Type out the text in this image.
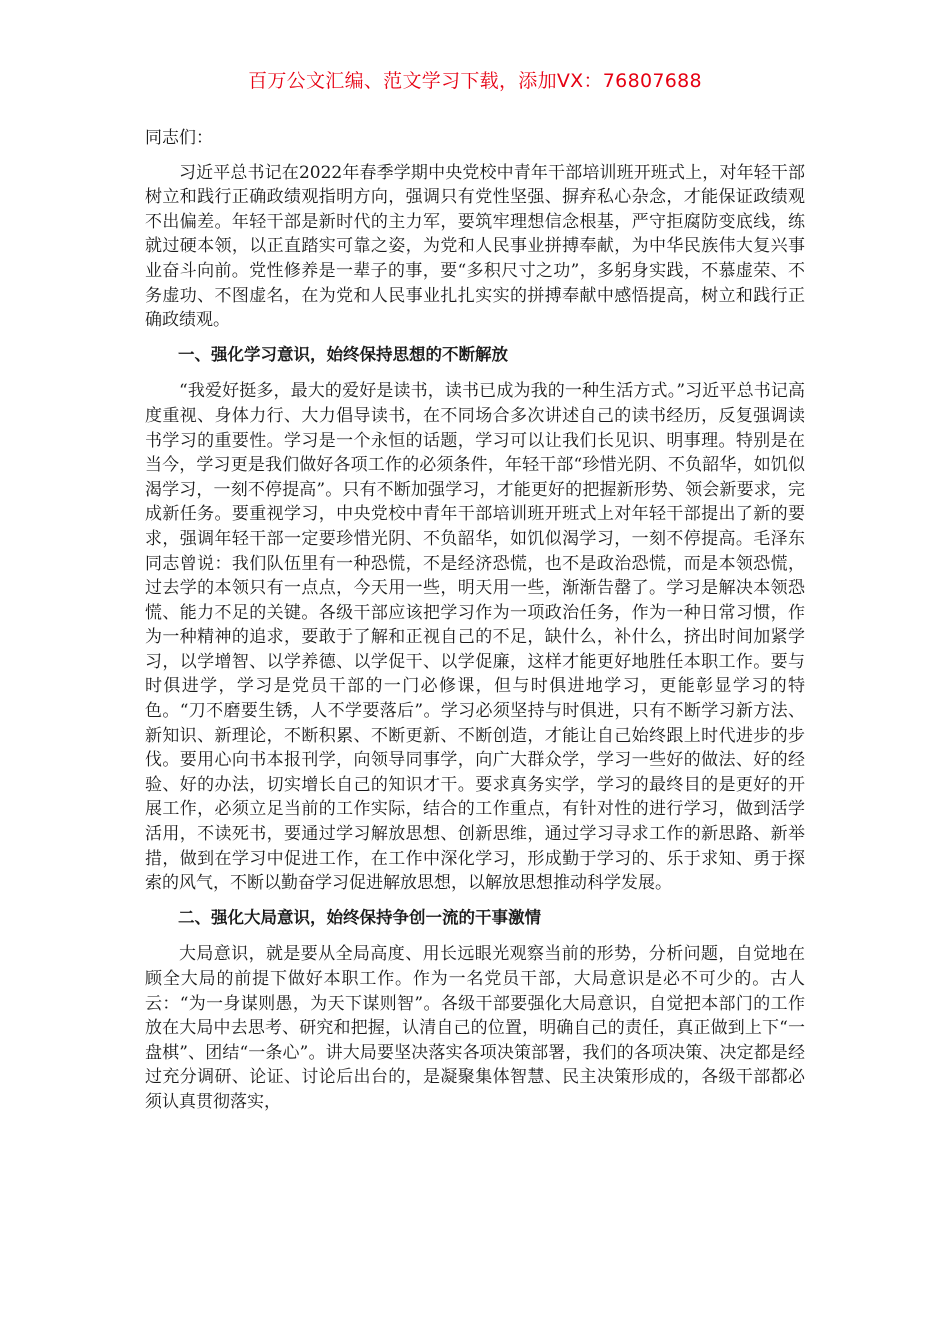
百万公文汇编、范文学习下载，添加VX：76807688

同志们：

习近平总书记在2022年春季学期中央党校中青年干部培训班开班式上，对年轻干部树立和践行正确政绩观指明方向，强调只有党性坚强、摒弃私心杂念，才能保证政绩观不出偏差。年轻干部是新时代的主力军，要筑牢理想信念根基，严守拒腐防变底线，练就过硬本领，以正直踏实可靠之姿，为党和人民事业拼搏奉献，为中华民族伟大复兴事业奋斗向前。党性修养是一辈子的事，要“多积尺寸之功”，多躬身实践，不慕虚荣、不务虚功、不图虚名，在为党和人民事业扎扎实实的拼搏奉献中感悟提高，树立和践行正确政绩观。

一、强化学习意识，始终保持思想的不断解放

“我爱好挺多，最大的爱好是读书，读书已成为我的一种生活方式。”习近平总书记高度重视、身体力行、大力倡导读书，在不同场合多次讲述自己的读书经历，反复强调读书学习的重要性。学习是一个永恒的话题，学习可以让我们长见识、明事理。特别是在当今，学习更是我们做好各项工作的必须条件，年轻干部“珍惜光阴、不负韶华，如饥似渴学习，一刻不停提高”。只有不断加强学习，才能更好的把握新形势、领会新要求，完成新任务。要重视学习，中央党校中青年干部培训班开班式上对年轻干部提出了新的要求，强调年轻干部一定要珍惜光阴、不负韶华，如饥似渴学习，一刻不停提高。毛泽东同志曾说：我们队伍里有一种恐慌，不是经济恐慌，也不是政治恐慌，而是本领恐慌，过去学的本领只有一点点，今天用一些，明天用一些，渐渐告罄了。学习是解决本领恐慌、能力不足的关键。各级干部应该把学习作为一项政治任务，作为一种日常习惯，作为一种精神的追求，要敢于了解和正视自己的不足，缺什么，补什么，挤出时间加紧学习，以学增智、以学养德、以学促干、以学促廉，这样才能更好地胜任本职工作。要与时俱进学，学习是党员干部的一门必修课，但与时俱进地学习，更能彰显学习的特色。“刀不磨要生锈，人不学要落后”。学习必须坚持与时俱进，只有不断学习新方法、新知识、新理论，不断积累、不断更新、不断创造，才能让自己始终跟上时代进步的步伐。要用心向书本报刊学，向领导同事学，向广大群众学，学习一些好的做法、好的经验、好的办法，切实增长自己的知识才干。要求真务实学，学习的最终目的是更好的开展工作，必须立足当前的工作实际，结合的工作重点，有针对性的进行学习，做到活学活用，不读死书，要通过学习解放思想、创新思维，通过学习寻求工作的新思路、新举措，做到在学习中促进工作，在工作中深化学习，形成勤于学习的、乐于求知、勇于探索的风气，不断以勤奋学习促进解放思想，以解放思想推动科学发展。

二、强化大局意识，始终保持争创一流的干事激情

大局意识，就是要从全局高度、用长远眼光观察当前的形势，分析问题，自觉地在顾全大局的前提下做好本职工作。作为一名党员干部，大局意识是必不可少的。古人云：“为一身谋则愚，为天下谋则智”。各级干部要强化大局意识，自觉把本部门的工作放在大局中去思考、研究和把握，认清自己的位置，明确自己的责任，真正做到上下“一盘棋”、团结“一条心”。讲大局要坚决落实各项决策部署，我们的各项决策、决定都是经过充分调研、论证、讨论后出台的，是凝聚集体智慧、民主决策形成的，各级干部都必须认真贯彻落实，
